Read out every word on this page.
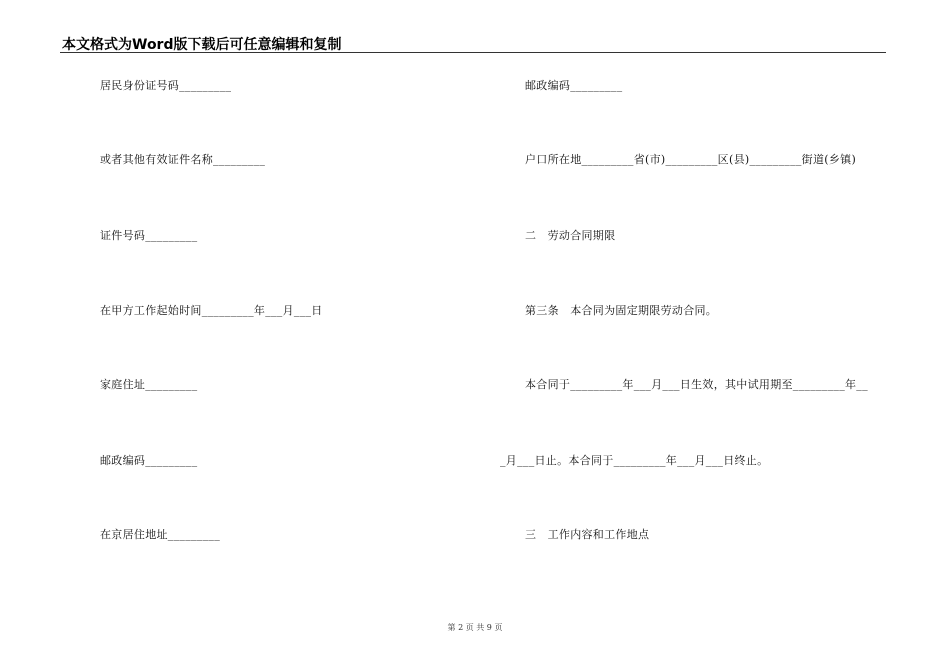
本文格式为Word版下载后可任意编辑和复制
居民身份证号码_________
或者其他有效证件名称_________
证件号码_________
在甲方工作起始时间_________年___月___日
家庭住址_________
邮政编码_________
在京居住地址_________
邮政编码_________
户口所在地_________省(市)_________区(县)_________街道(乡镇)
二　劳动合同期限
第三条　本合同为固定期限劳动合同。
本合同于_________年___月___日生效，其中试用期至_________年__
_月___日止。本合同于_________年___月___日终止。
三　工作内容和工作地点
第 2 页 共 9 页
